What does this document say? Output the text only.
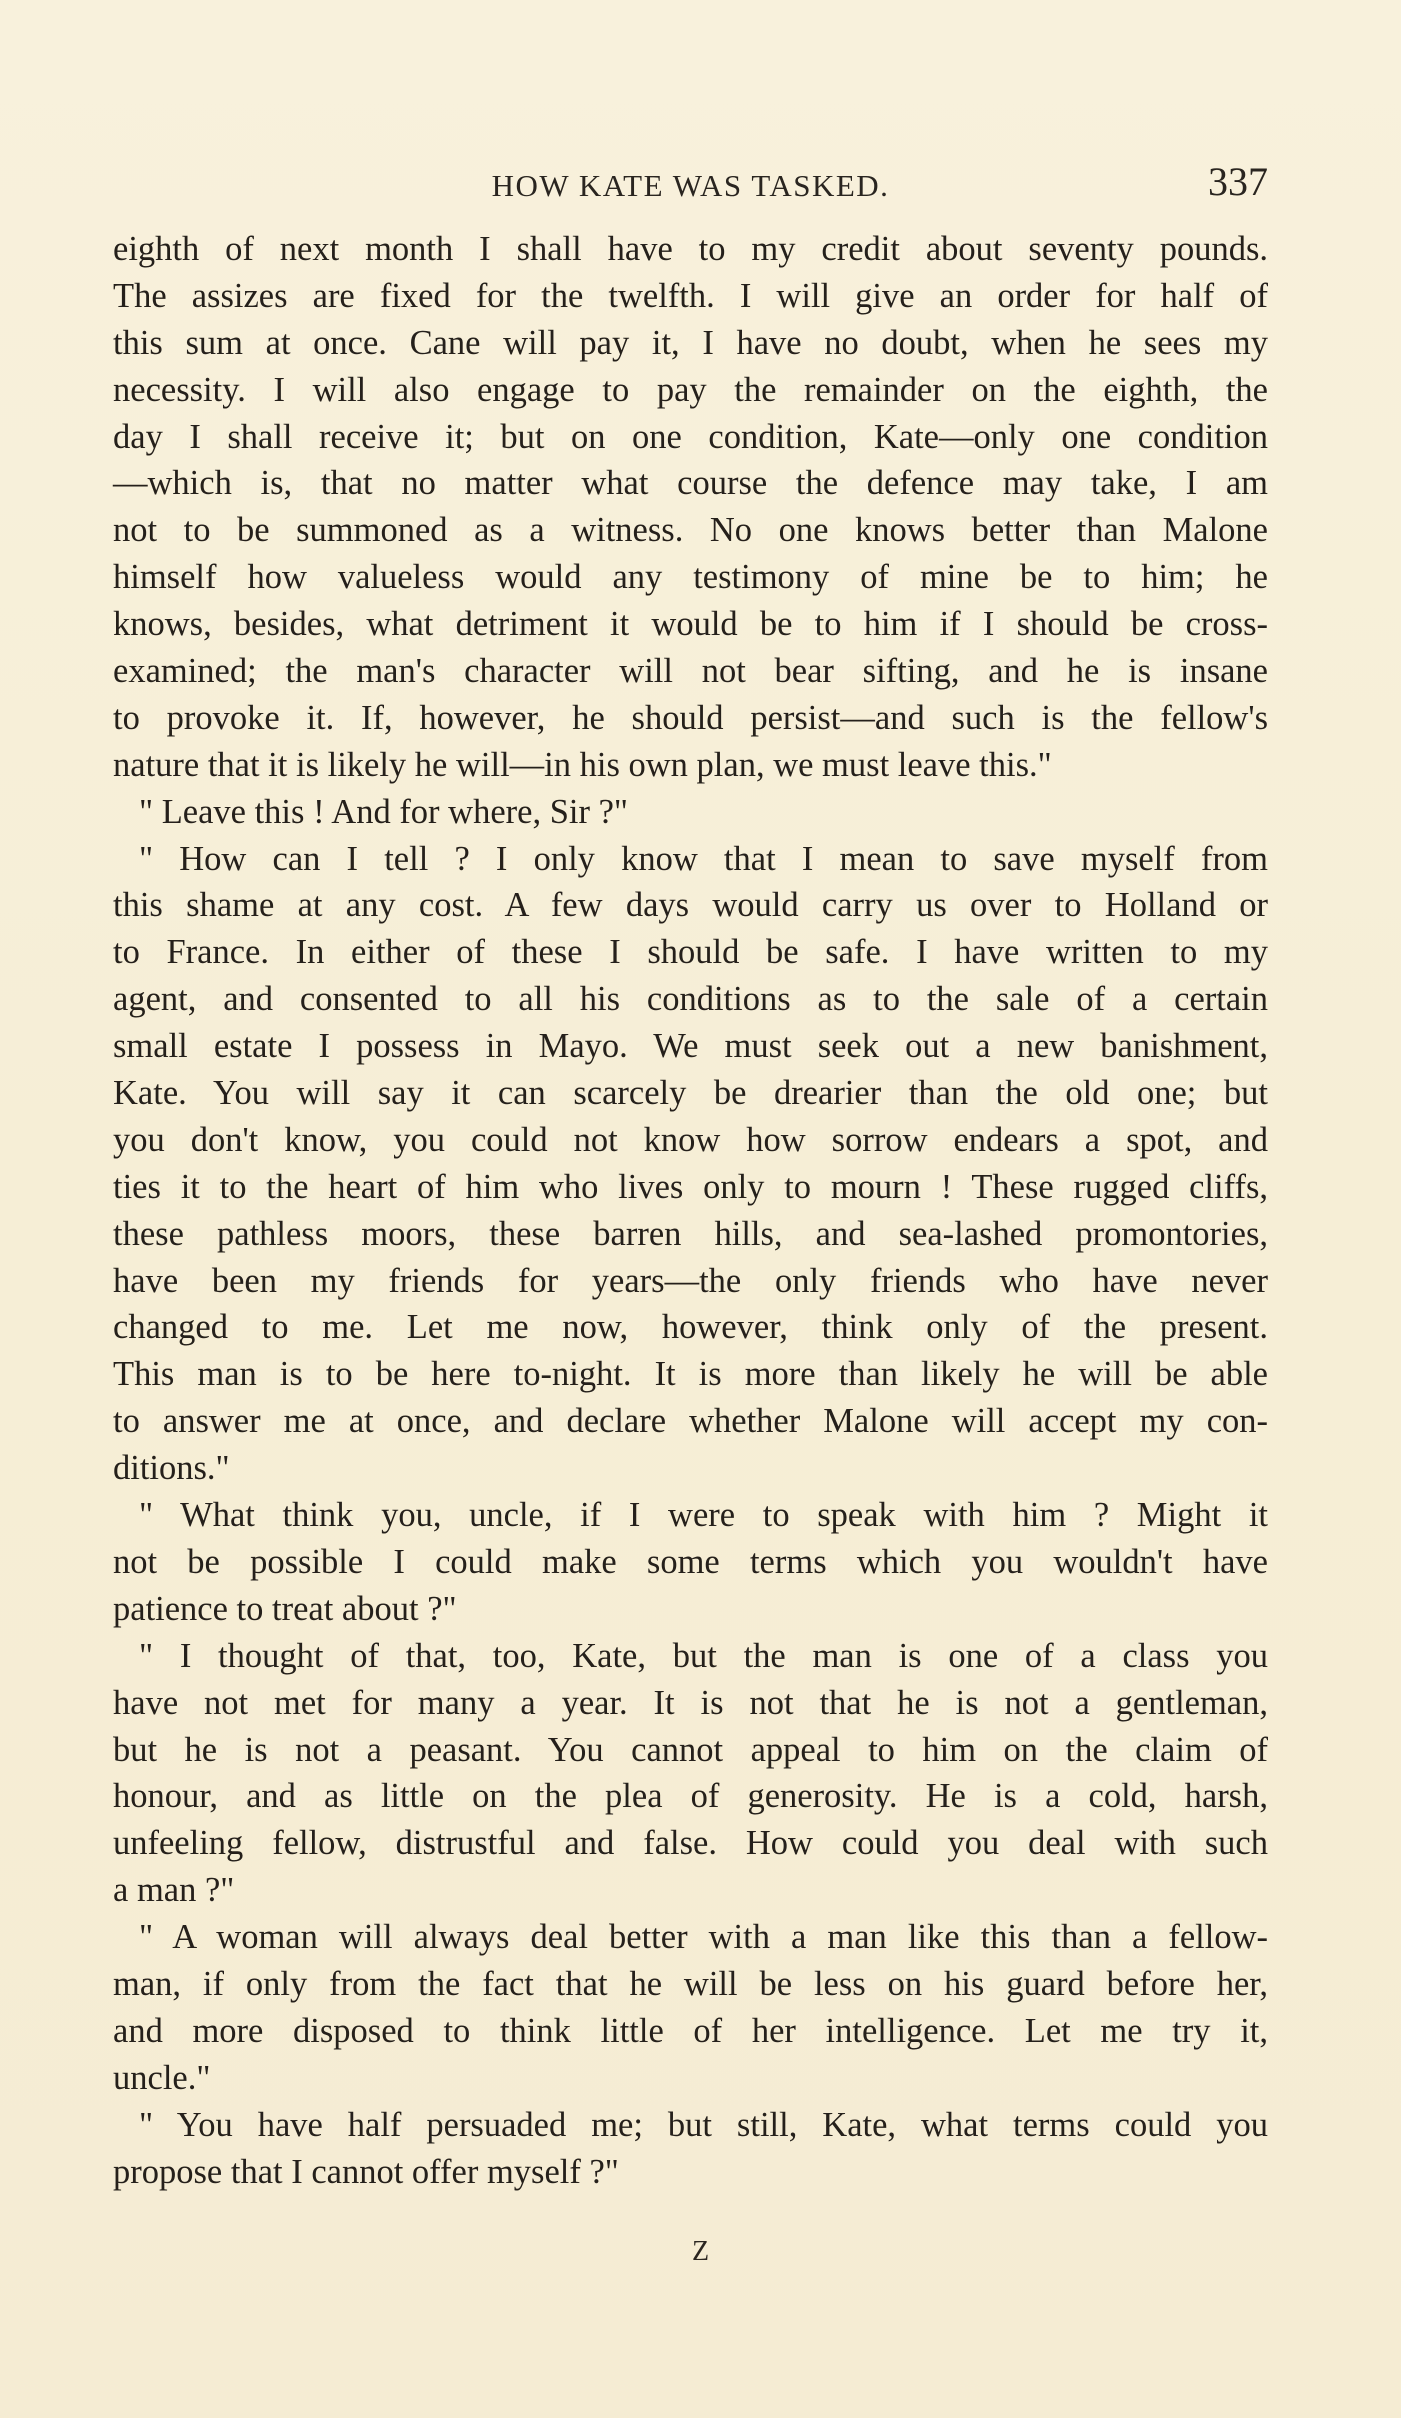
HOW KATE WAS TASKED.	337
eighth of next month I shall have to my credit about seventy pounds.
The assizes are fixed for the twelfth. I will give an order for half of
this sum at once. Cane will pay it, I have no doubt, when he sees my
necessity. I will also engage to pay the remainder on the eighth, the
day I shall receive it; but on one condition, Kate—only one condition
—which is, that no matter what course the defence may take, I am
not to be summoned as a witness. No one knows better than Malone
himself how valueless would any testimony of mine be to him; he
knows, besides, what detriment it would be to him if I should be cross-
examined; the man's character will not bear sifting, and he is insane
to provoke it. If, however, he should persist—and such is the fellow's
nature that it is likely he will—in his own plan, we must leave this."
" Leave this ! And for where, Sir ?"
" How can I tell ? I only know that I mean to save myself from
this shame at any cost. A few days would carry us over to Holland or
to France. In either of these I should be safe. I have written to my
agent, and consented to all his conditions as to the sale of a certain
small estate I possess in Mayo. We must seek out a new banishment,
Kate. You will say it can scarcely be drearier than the old one; but
you don't know, you could not know how sorrow endears a spot, and
ties it to the heart of him who lives only to mourn ! These rugged cliffs,
these pathless moors, these barren hills, and sea-lashed promontories,
have been my friends for years—the only friends who have never
changed to me. Let me now, however, think only of the present.
This man is to be here to-night. It is more than likely he will be able
to answer me at once, and declare whether Malone will accept my con-
ditions."
" What think you, uncle, if I were to speak with him ? Might it
not be possible I could make some terms which you wouldn't have
patience to treat about ?"
" I thought of that, too, Kate, but the man is one of a class you
have not met for many a year. It is not that he is not a gentleman,
but he is not a peasant. You cannot appeal to him on the claim of
honour, and as little on the plea of generosity. He is a cold, harsh,
unfeeling fellow, distrustful and false. How could you deal with such
a man ?"
" A woman will always deal better with a man like this than a fellow-
man, if only from the fact that he will be less on his guard before her,
and more disposed to think little of her intelligence. Let me try it,
uncle."
" You have half persuaded me; but still, Kate, what terms could you
propose that I cannot offer myself ?"
Z
